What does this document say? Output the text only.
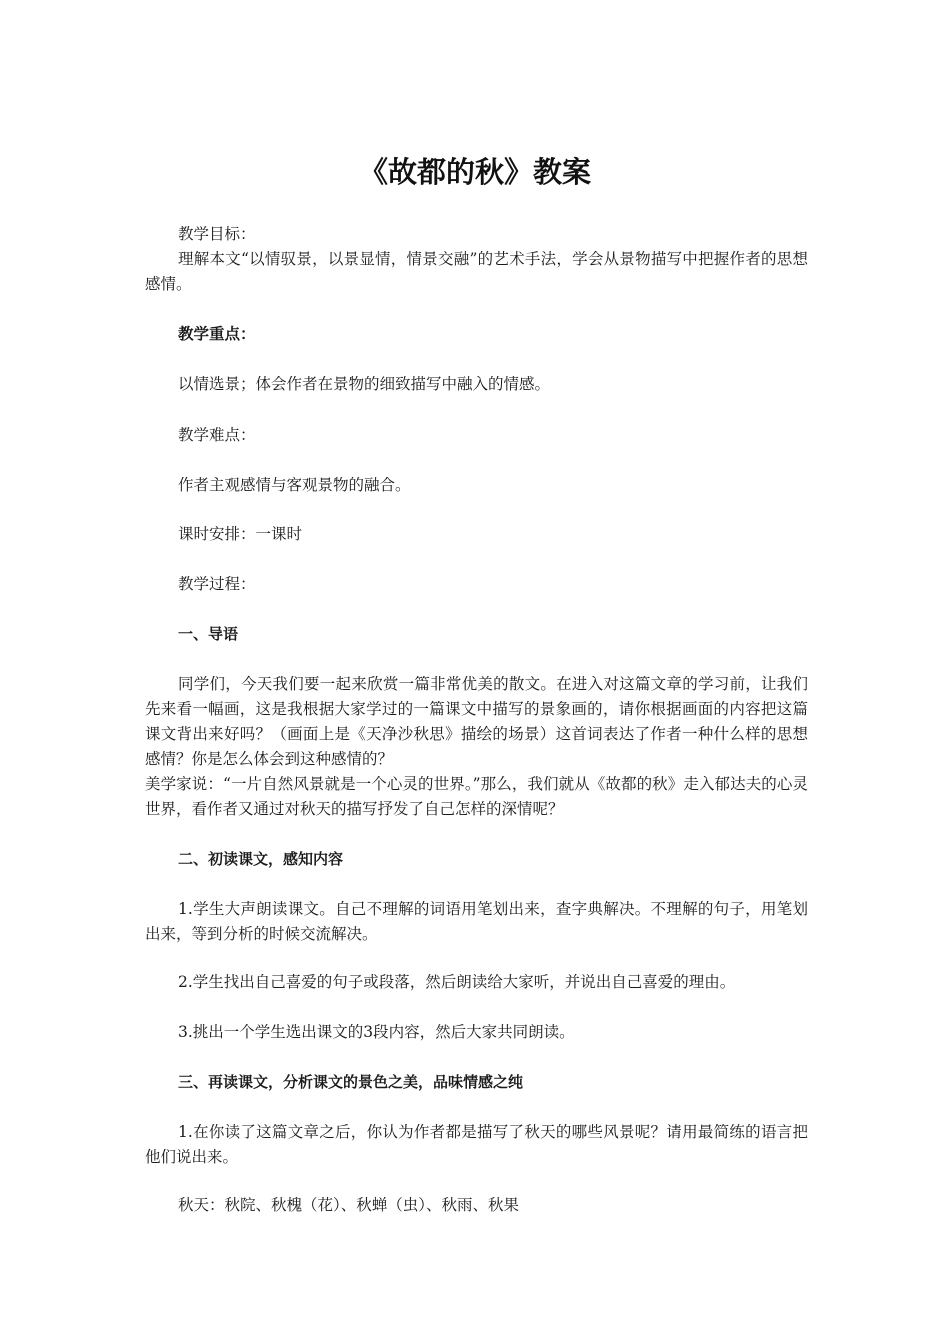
《故都的秋》教案

教学目标：

理解本文“以情驭景，以景显情，情景交融”的艺术手法，学会从景物描写中把握作者的思想感情。

教学重点：

以情选景；体会作者在景物的细致描写中融入的情感。

教学难点：

作者主观感情与客观景物的融合。

课时安排：一课时

教学过程：

一、导语

同学们，今天我们要一起来欣赏一篇非常优美的散文。在进入对这篇文章的学习前，让我们先来看一幅画，这是我根据大家学过的一篇课文中描写的景象画的，请你根据画面的内容把这篇课文背出来好吗？（画面上是《天净沙秋思》描绘的场景）这首词表达了作者一种什么样的思想感情？你是怎么体会到这种感情的？

美学家说：“一片自然风景就是一个心灵的世界。”那么，我们就从《故都的秋》走入郁达夫的心灵世界，看作者又通过对秋天的描写抒发了自己怎样的深情呢？

二、初读课文，感知内容

1.学生大声朗读课文。自己不理解的词语用笔划出来，查字典解决。不理解的句子，用笔划出来，等到分析的时候交流解决。

2.学生找出自己喜爱的句子或段落，然后朗读给大家听，并说出自己喜爱的理由。

3.挑出一个学生选出课文的3段内容，然后大家共同朗读。

三、再读课文，分析课文的景色之美，品味情感之纯

1.在你读了这篇文章之后，你认为作者都是描写了秋天的哪些风景呢？请用最简练的语言把他们说出来。

秋天：秋院、秋槐（花）、秋蝉（虫）、秋雨、秋果
